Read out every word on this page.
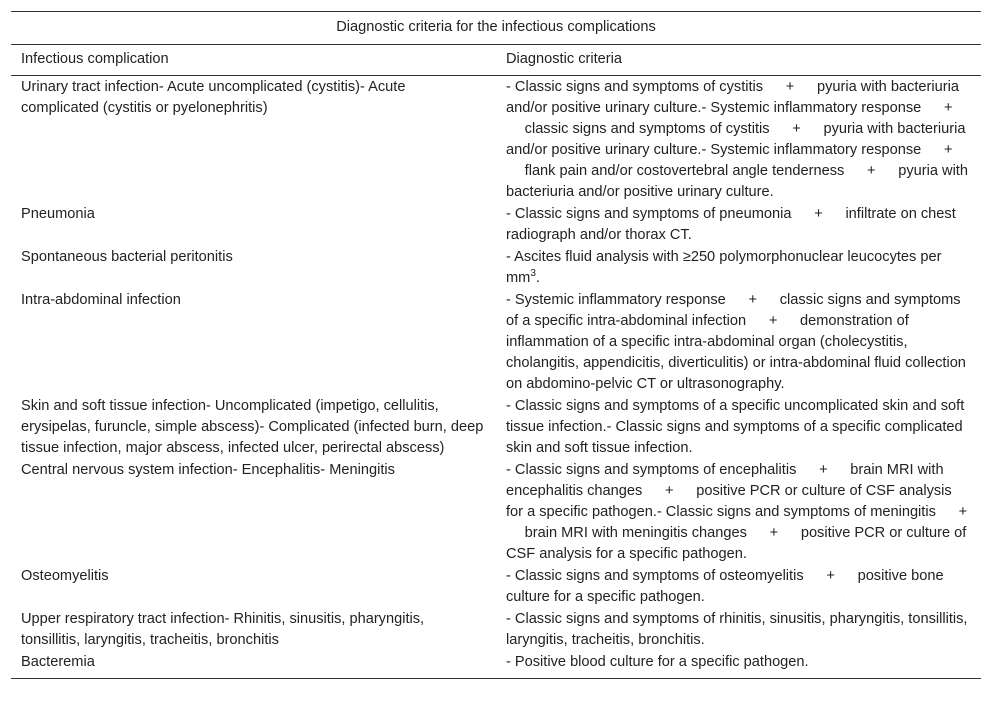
Diagnostic criteria for the infectious complications	
Infectious complication	Diagnostic criteria
Urinary tract infection- Acute uncomplicated (cystitis)- Acute complicated (cystitis or pyelonephritis)	- Classic signs and symptoms of cystitis   +   pyuria with bacteriuria and/or positive urinary culture.- Systemic inflammatory response   +   classic signs and symptoms of cystitis   +   pyuria with bacteriuria and/or positive urinary culture.- Systemic inflammatory response   +   flank pain and/or costovertebral angle tenderness   +   pyuria with bacteriuria and/or positive urinary culture.
Pneumonia	- Classic signs and symptoms of pneumonia   +   infiltrate on chest radiograph and/or thorax CT.
Spontaneous bacterial peritonitis	- Ascites fluid analysis with ≥250 polymorphonuclear leucocytes per $mm^3$.
Intra-abdominal infection	- Systemic inflammatory response   +   classic signs and symptoms of a specific intra-abdominal infection   +   demonstration of inflammation of a specific intra-abdominal organ (cholecystitis, cholangitis, appendicitis, diverticulitis) or intra-abdominal fluid collection on abdomino-pelvic CT or ultrasonography.
Skin and soft tissue infection- Uncomplicated (impetigo, cellulitis, erysipelas, furuncle, simple abscess)- Complicated (infected burn, deep tissue infection, major abscess, infected ulcer, perirectal abscess)	- Classic signs and symptoms of a specific uncomplicated skin and soft tissue infection.- Classic signs and symptoms of a specific complicated skin and soft tissue infection.
Central nervous system infection- Encephalitis- Meningitis	- Classic signs and symptoms of encephalitis   +   brain MRI with encephalitis changes   +   positive PCR or culture of CSF analysis for a specific pathogen.- Classic signs and symptoms of meningitis   +   brain MRI with meningitis changes   +   positive PCR or culture of CSF analysis for a specific pathogen.
Osteomyelitis	- Classic signs and symptoms of osteomyelitis   +   positive bone culture for a specific pathogen.
Upper respiratory tract infection- Rhinitis, sinusitis, pharyngitis, tonsillitis, laryngitis, tracheitis, bronchitis	- Classic signs and symptoms of rhinitis, sinusitis, pharyngitis, tonsillitis, laryngitis, tracheitis, bronchitis.
Bacteremia	- Positive blood culture for a specific pathogen.
